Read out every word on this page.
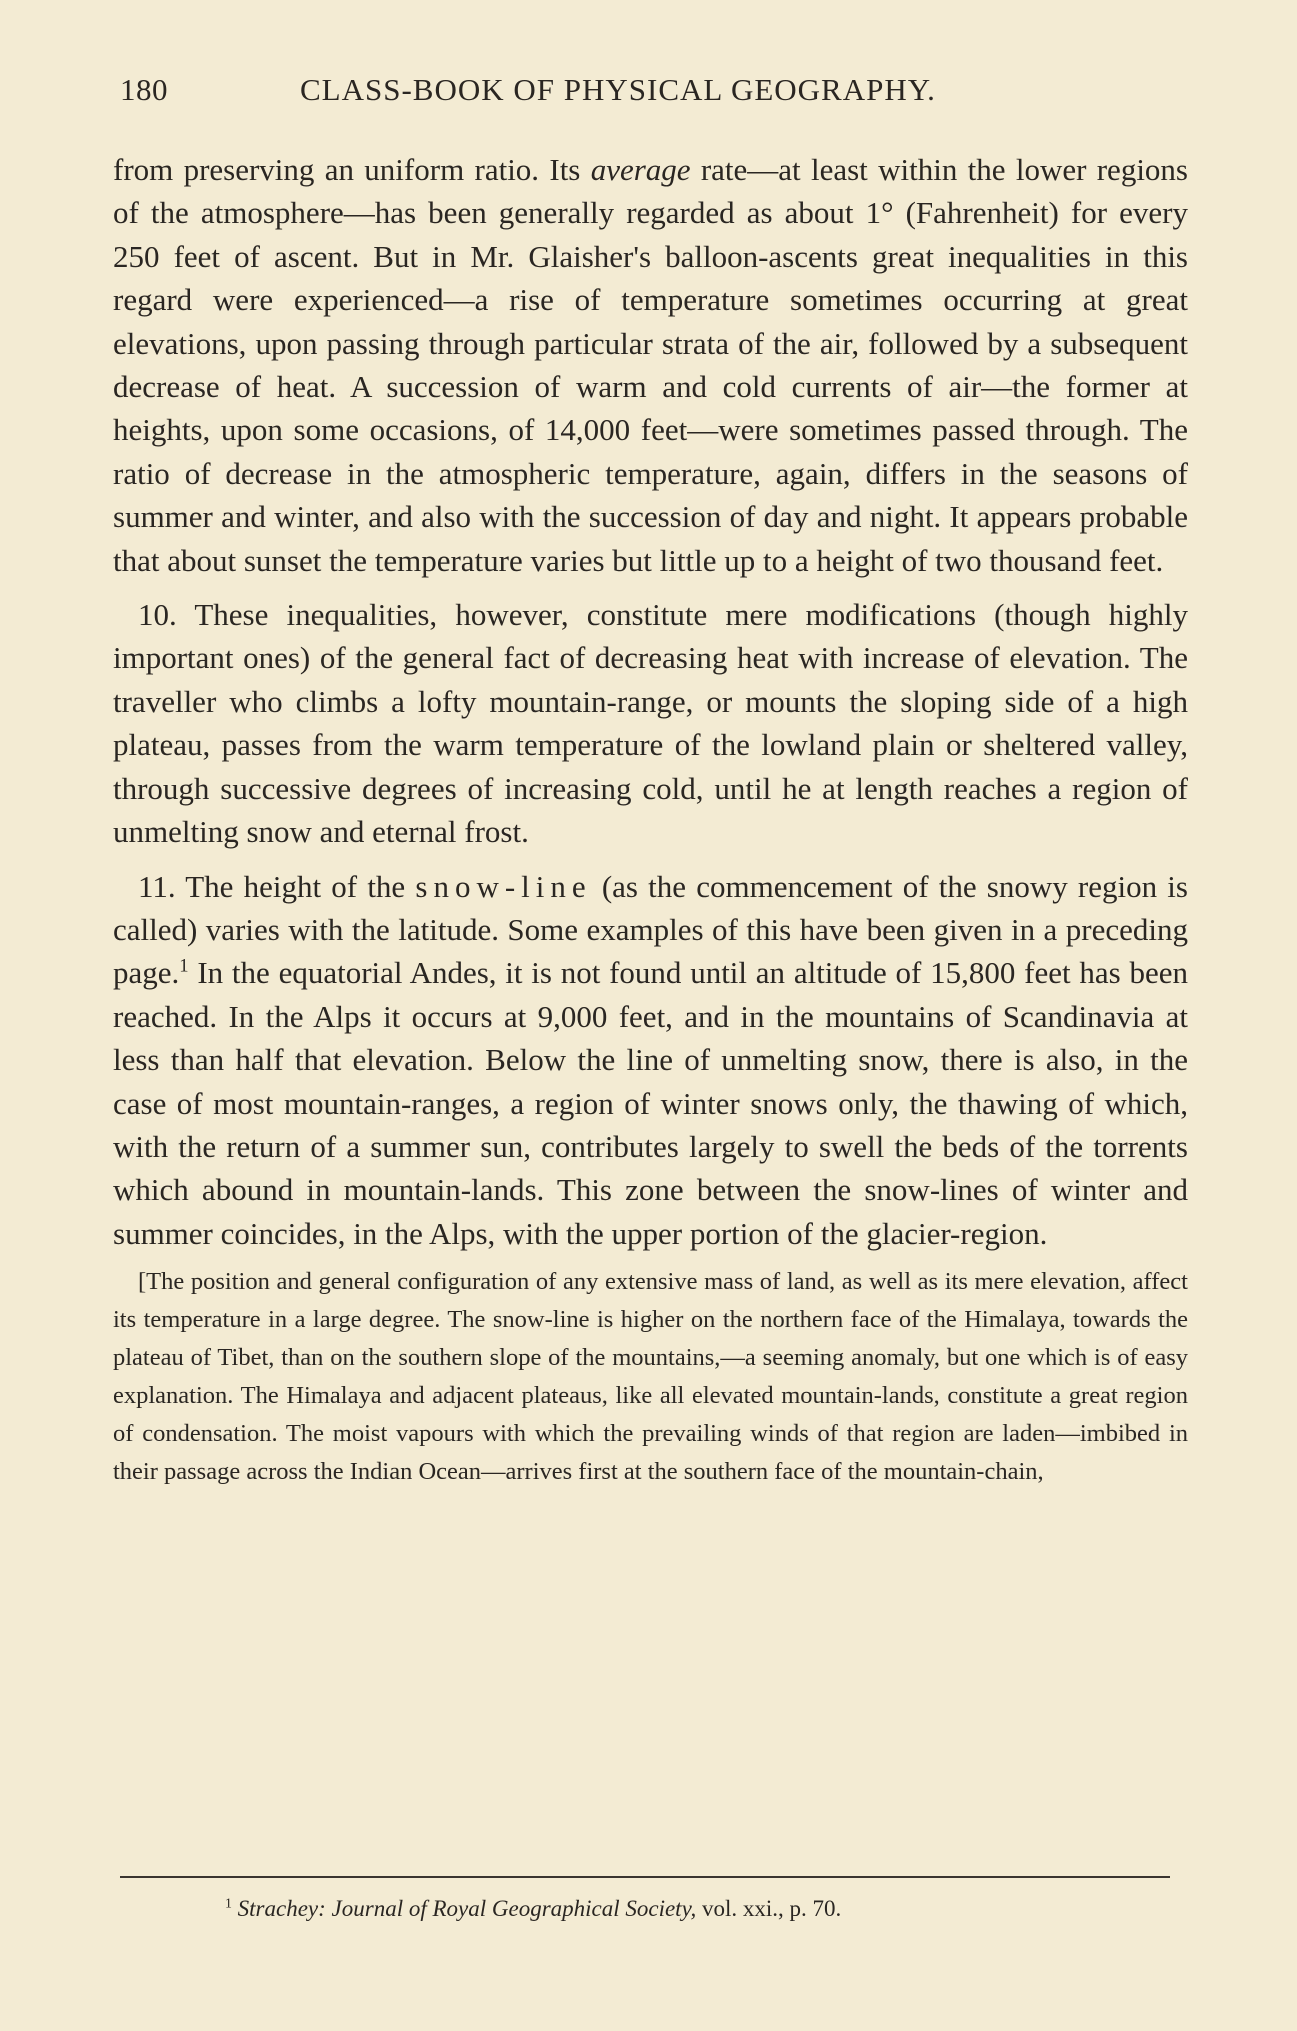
180	CLASS-BOOK OF PHYSICAL GEOGRAPHY.

from preserving an uniform ratio. Its average rate—at least within the lower regions of the atmosphere—has been generally regarded as about 1° (Fahrenheit) for every 250 feet of ascent. But in Mr. Glaisher's balloon-ascents great inequalities in this regard were experienced—a rise of temperature sometimes occurring at great elevations, upon passing through particular strata of the air, followed by a subsequent decrease of heat. A succession of warm and cold currents of air—the former at heights, upon some occasions, of 14,000 feet—were sometimes passed through. The ratio of decrease in the atmospheric temperature, again, differs in the seasons of summer and winter, and also with the succession of day and night. It appears probable that about sunset the temperature varies but little up to a height of two thousand feet.

10. These inequalities, however, constitute mere modifications (though highly important ones) of the general fact of decreasing heat with increase of elevation. The traveller who climbs a lofty mountain-range, or mounts the sloping side of a high plateau, passes from the warm temperature of the lowland plain or sheltered valley, through successive degrees of increasing cold, until he at length reaches a region of unmelting snow and eternal frost.

11. The height of the snow-line (as the commencement of the snowy region is called) varies with the latitude. Some examples of this have been given in a preceding page.$^1$ In the equatorial Andes, it is not found until an altitude of 15,800 feet has been reached. In the Alps it occurs at 9,000 feet, and in the mountains of Scandinavia at less than half that elevation. Below the line of unmelting snow, there is also, in the case of most mountain-ranges, a region of winter snows only, the thawing of which, with the return of a summer sun, contributes largely to swell the beds of the torrents which abound in mountain-lands. This zone between the snow-lines of winter and summer coincides, in the Alps, with the upper portion of the glacier-region.

[The position and general configuration of any extensive mass of land, as well as its mere elevation, affect its temperature in a large degree. The snow-line is higher on the northern face of the Himalaya, towards the plateau of Tibet, than on the southern slope of the mountains,—a seeming anomaly, but one which is of easy explanation. The Himalaya and adjacent plateaus, like all elevated mountain-lands, constitute a great region of condensation. The moist vapours with which the prevailing winds of that region are laden—imbibed in their passage across the Indian Ocean—arrives first at the southern face of the mountain-chain,

$^1$ Strachey: Journal of Royal Geographical Society, vol. xxi., p. 70.
